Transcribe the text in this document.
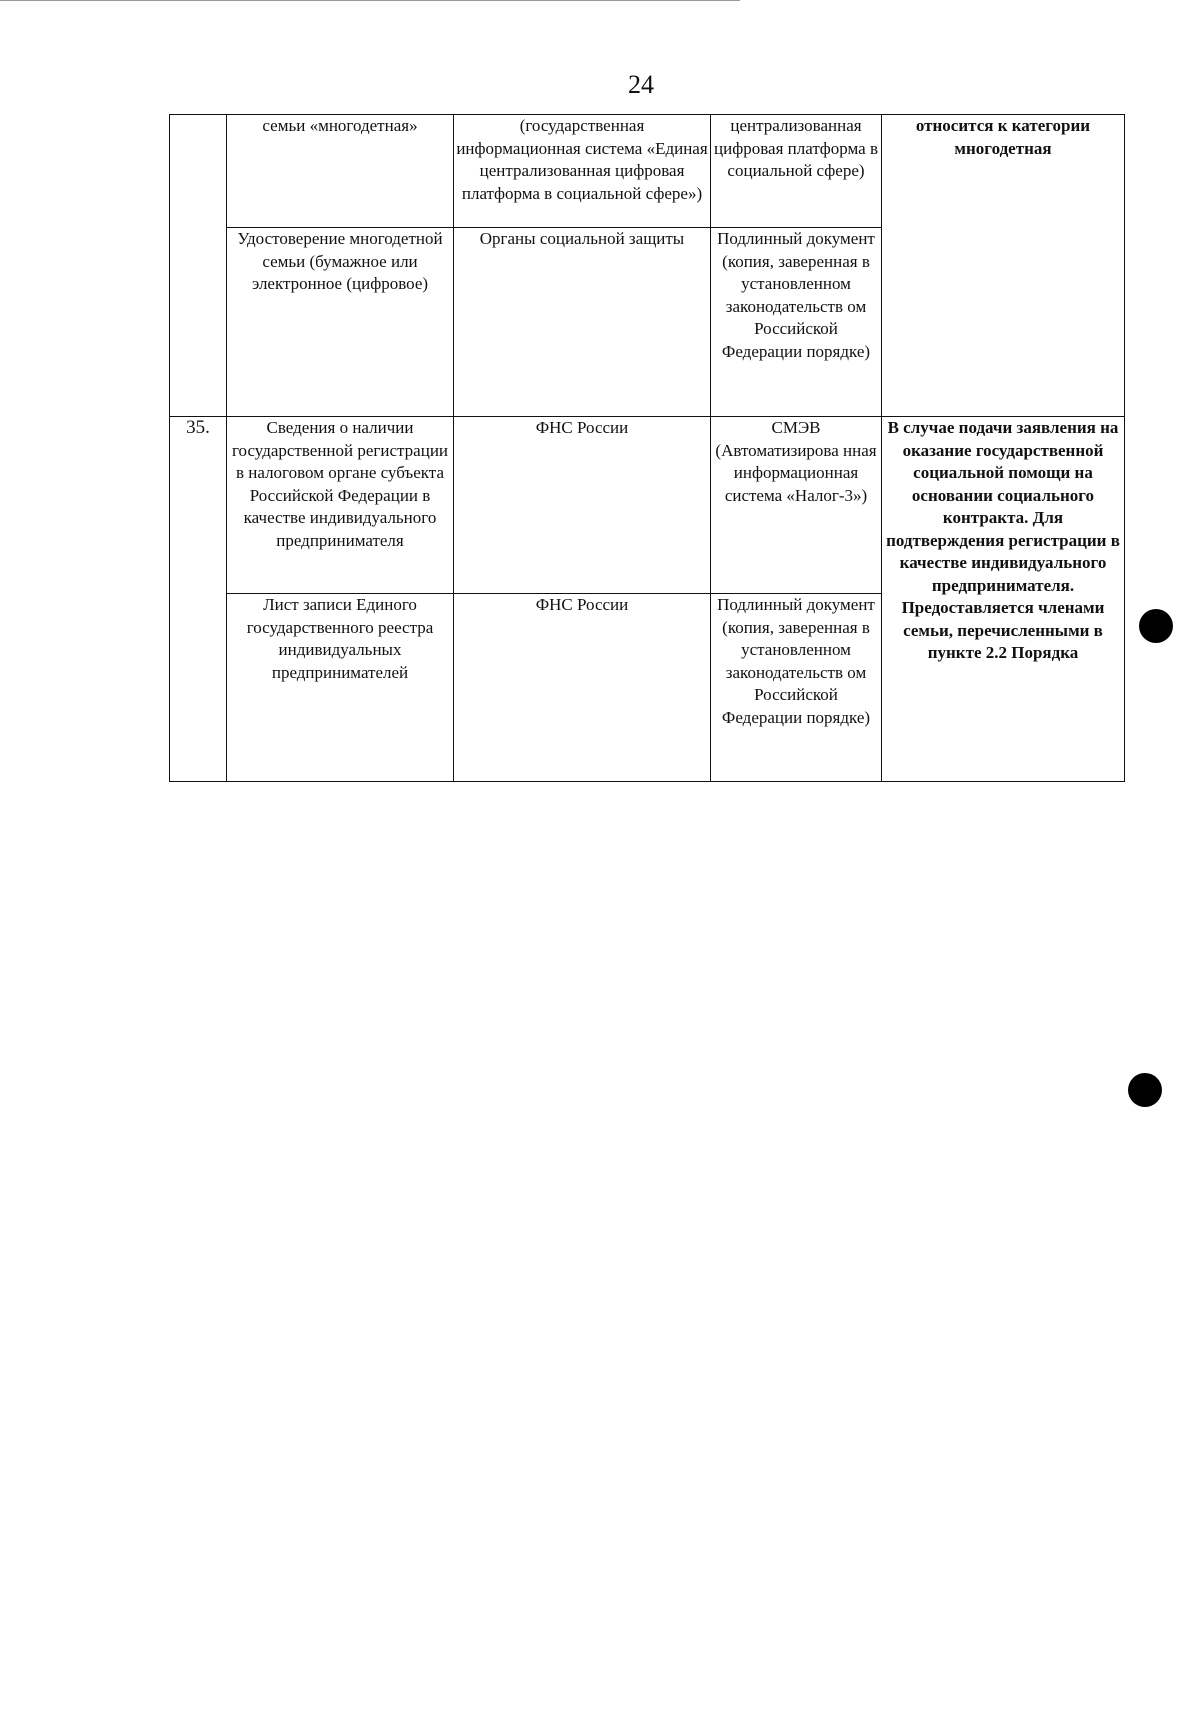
24
	семьи «многодетная»	(государственная информационная система «Единая централизованная цифровая платформа в социальной сфере»)	централизованная цифровая платформа в социальной сфере)	относится к категории многодетная
	Удостоверение многодетной семьи (бумажное или электронное (цифровое)	Органы социальной защиты	Подлинный документ (копия, заверенная в установленном законодательств ом Российской Федерации порядке)	
35.	Сведения о наличии государственной регистрации в налоговом органе субъекта Российской Федерации в качестве индивидуального предпринимателя	ФНС России	СМЭВ (Автоматизирова нная информационная система «Налог-3»)	В случае подачи заявления на оказание государственной социальной помощи на основании социального контракта. Для подтверждения регистрации в качестве индивидуального предпринимателя. Предоставляется членами семьи, перечисленными в пункте 2.2 Порядка
	Лист записи Единого государственного реестра индивидуальных предпринимателей	ФНС России	Подлинный документ (копия, заверенная в установленном законодательств ом Российской Федерации порядке)	
